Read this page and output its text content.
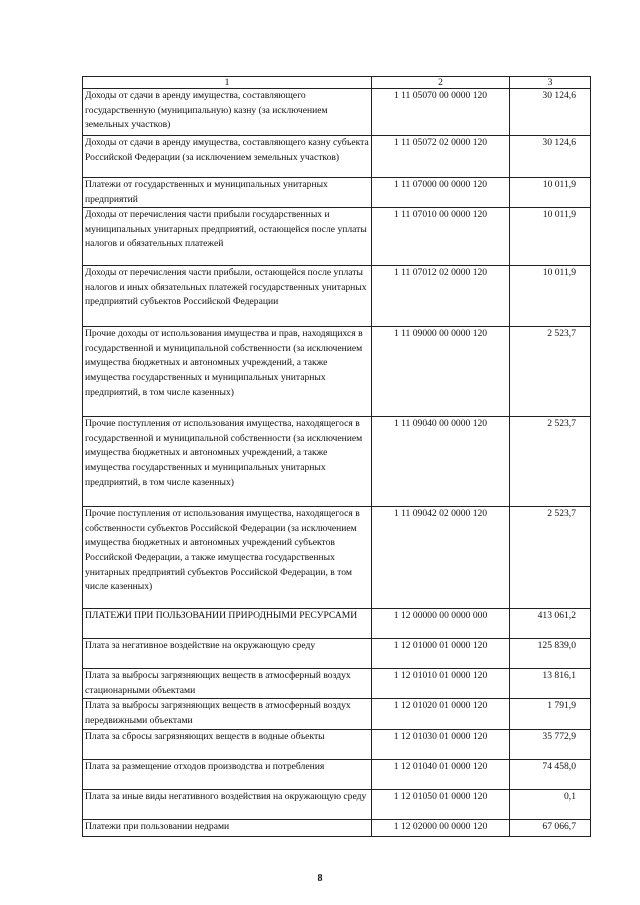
1	2	3
Доходы от сдачи в аренду имущества, составляющего государственную (муниципальную) казну (за исключением земельных участков)	1 11 05070 00 0000 120	30 124,6
Доходы от сдачи в аренду имущества, составляющего казну субъекта Российской Федерации (за исключением земельных участков)	1 11 05072 02 0000 120	30 124,6
Платежи от государственных и муниципальных унитарных предприятий	1 11 07000 00 0000 120	10 011,9
Доходы от перечисления части прибыли государственных и муниципальных унитарных предприятий, остающейся после уплаты налогов и обязательных платежей	1 11 07010 00 0000 120	10 011,9
Доходы от перечисления части прибыли, остающейся после уплаты налогов и иных обязательных платежей государственных унитарных предприятий субъектов Российской Федерации	1 11 07012 02 0000 120	10 011,9
Прочие доходы от использования имущества и прав, находящихся в государственной и муниципальной собственности (за исключением имущества бюджетных и автономных учреждений, а также имущества государственных и муниципальных унитарных предприятий, в том числе казенных)	1 11 09000 00 0000 120	2 523,7
Прочие поступления от использования имущества, находящегося в государственной и муниципальной собственности (за исключением имущества бюджетных и автономных учреждений, а также имущества государственных и муниципальных унитарных предприятий, в том числе казенных)	1 11 09040 00 0000 120	2 523,7
Прочие поступления от использования имущества, находящегося в собственности субъектов Российской Федерации (за исключением имущества бюджетных и автономных учреждений субъектов Российской Федерации, а также имущества государственных унитарных предприятий субъектов Российской Федерации, в том числе казенных)	1 11 09042 02 0000 120	2 523,7
ПЛАТЕЖИ ПРИ ПОЛЬЗОВАНИИ ПРИРОДНЫМИ РЕСУРСАМИ	1 12 00000 00 0000 000	413 061,2
Плата за негативное воздействие на окружающую среду	1 12 01000 01 0000 120	125 839,0
Плата за выбросы загрязняющих веществ в атмосферный воздух стационарными объектами	1 12 01010 01 0000 120	13 816,1
Плата за выбросы загрязняющих веществ в атмосферный воздух передвижными объектами	1 12 01020 01 0000 120	1 791,9
Плата за сбросы загрязняющих веществ в водные объекты	1 12 01030 01 0000 120	35 772,9
Плата за размещение отходов производства и потребления	1 12 01040 01 0000 120	74 458,0
Плата за иные виды негативного воздействия на окружающую среду	1 12 01050 01 0000 120	0,1
Платежи при пользовании недрами	1 12 02000 00 0000 120	67 066,7
8
